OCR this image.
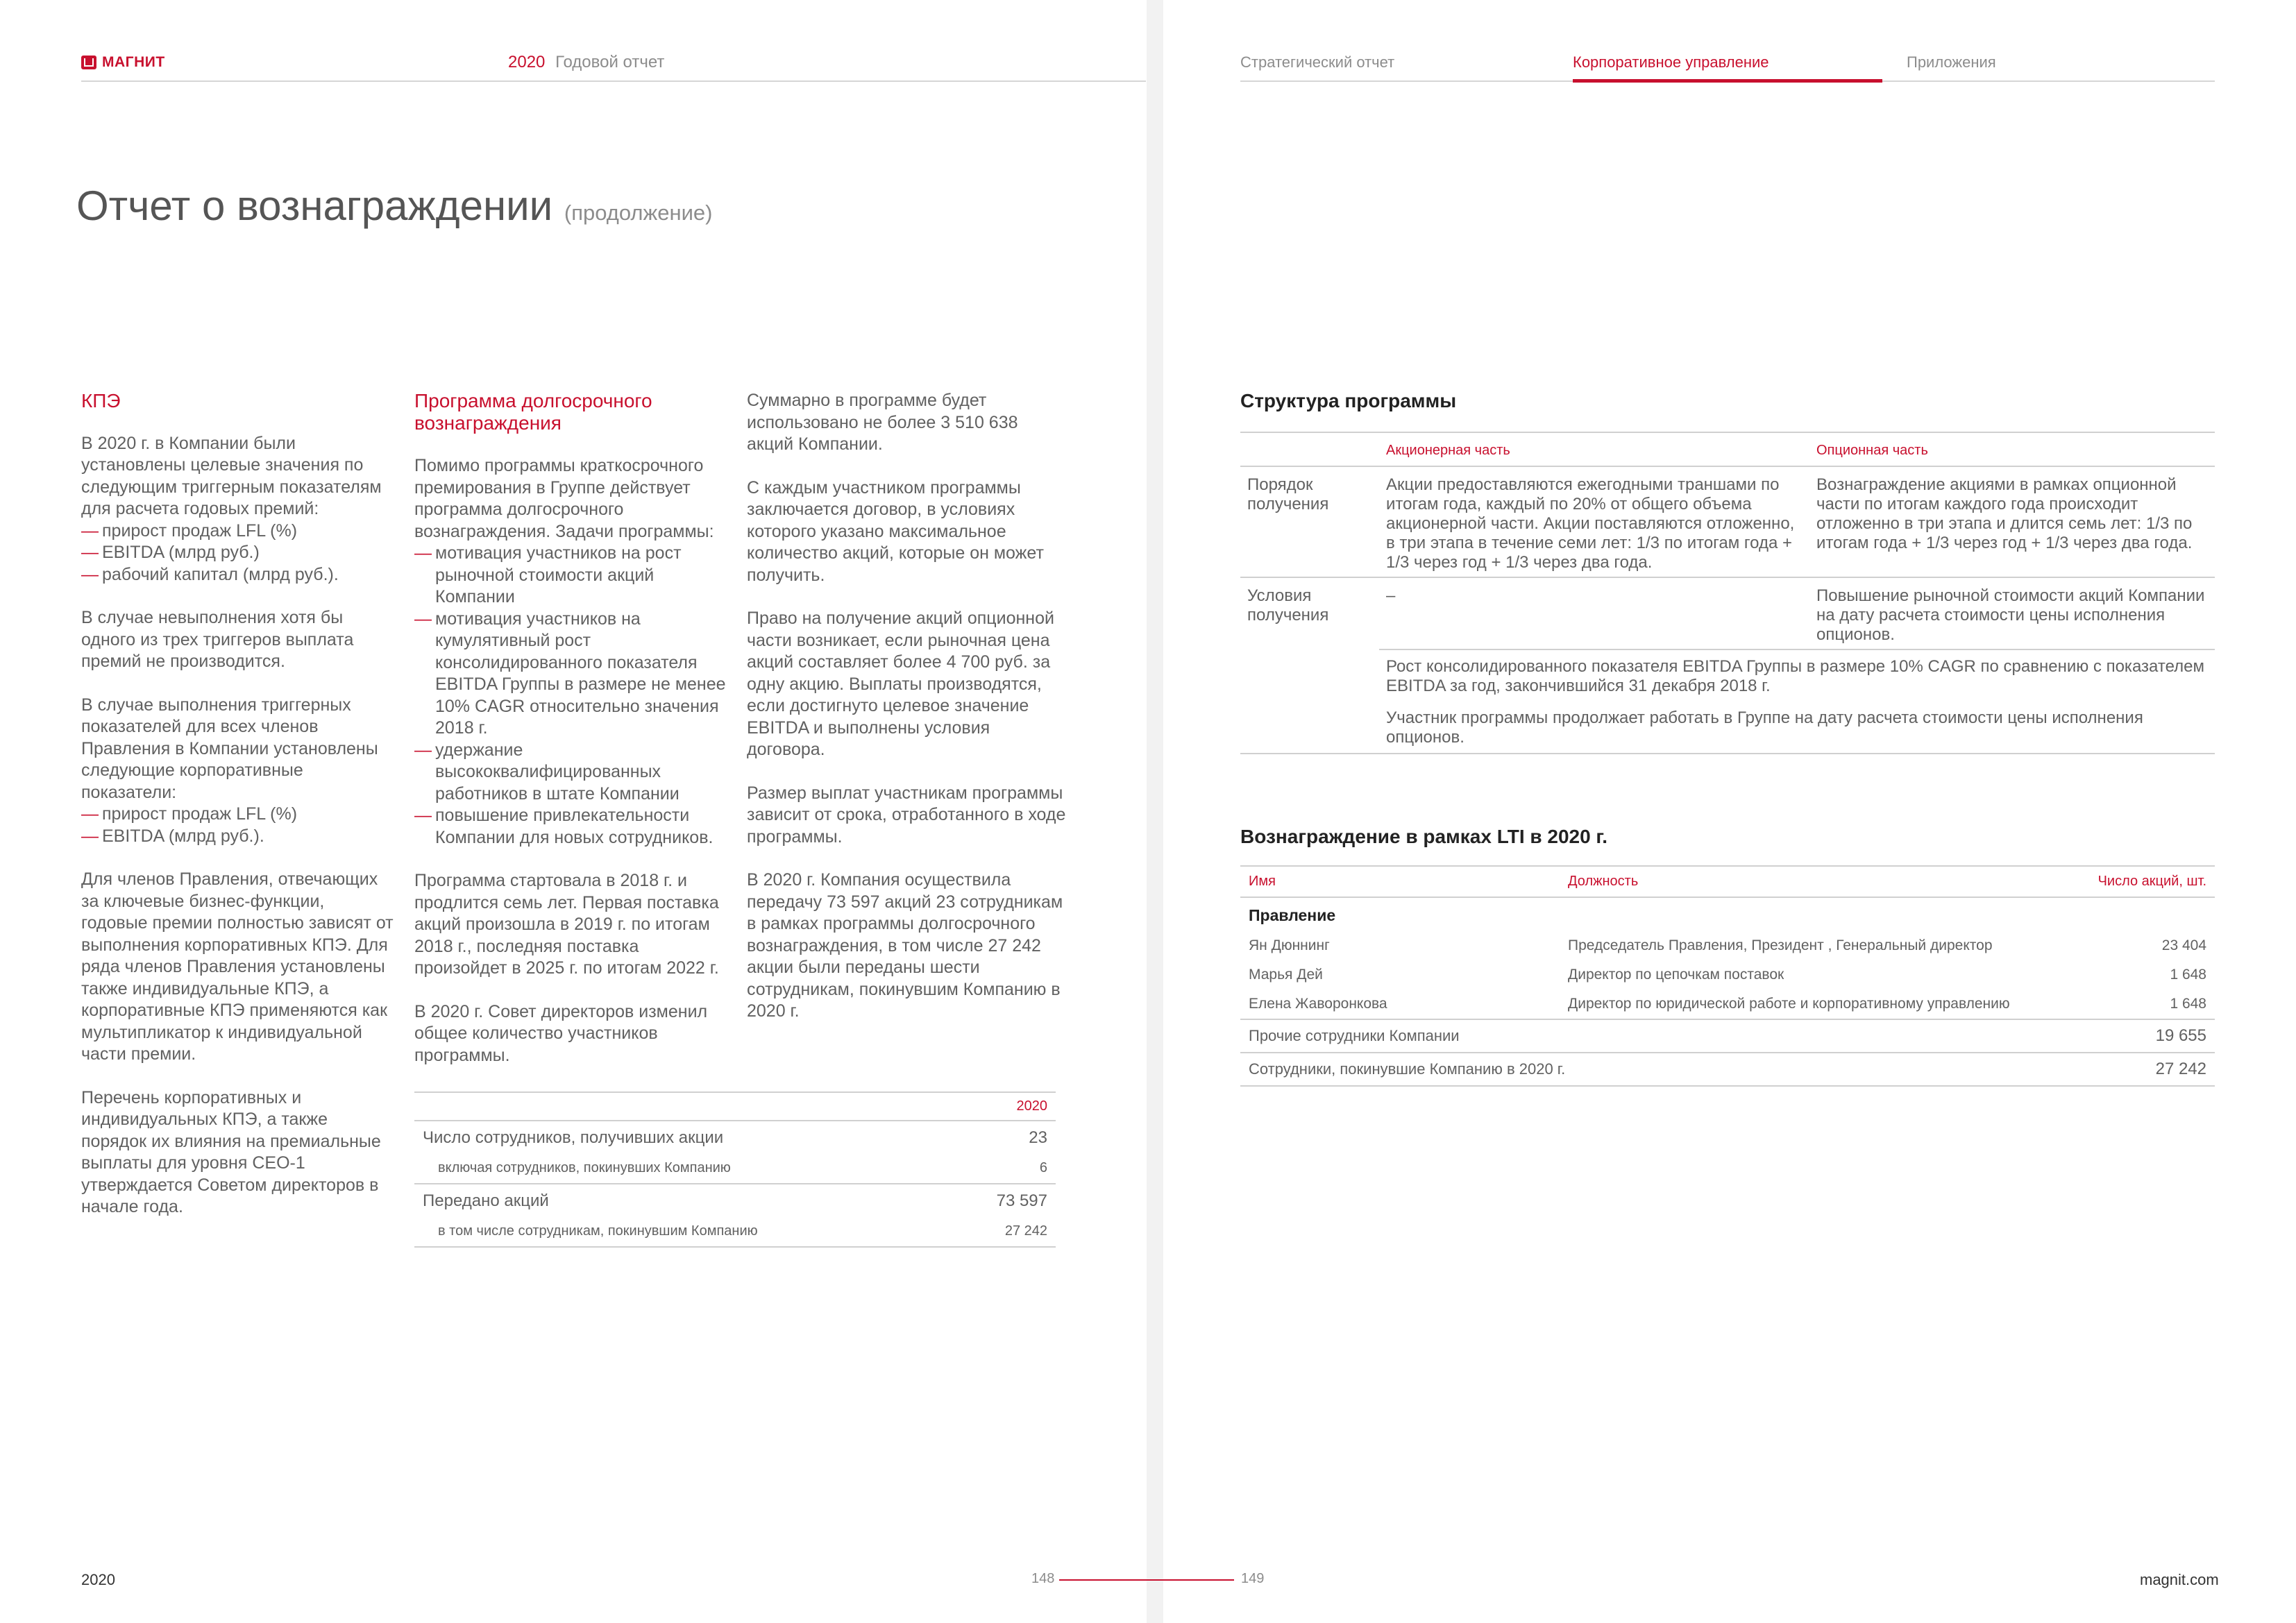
МАГНИТ	2020 Годовой отчет	Стратегический отчет	Корпоративное управление	Приложения
Отчет о вознаграждении (продолжение)
КПЭ

В 2020 г. в Компании были установлены целевые значения по следующим триггерным показателям для расчета годовых премий:

— прирост продаж LFL (%)
— EBITDA (млрд руб.)
— рабочий капитал (млрд руб.).

В случае невыполнения хотя бы одного из трех триггеров выплата премий не производится.

В случае выполнения триггерных показателей для всех членов Правления в Компании установлены следующие корпоративные показатели:

— прирост продаж LFL (%)
— EBITDA (млрд руб.).

Для членов Правления, отвечающих за ключевые бизнес-функции, годовые премии полностью зависят от выполнения корпоративных КПЭ. Для ряда членов Правления установлены также индивидуальные КПЭ, а корпоративные КПЭ применяются как мультипликатор к индивидуальной части премии.

Перечень корпоративных и индивидуальных КПЭ, а также порядок их влияния на премиальные выплаты для уровня CEO-1 утверждается Советом директоров в начале года.

Программа долгосрочного вознаграждения

Помимо программы краткосрочного премирования в Группе действует программа долгосрочного вознаграждения. Задачи программы:

— мотивация участников на рост рыночной стоимости акций Компании
— мотивация участников на кумулятивный рост консолидированного показателя EBITDA Группы в размере не менее 10% CAGR относительно значения 2018 г.
— удержание высококвалифицированных работников в штате Компании
— повышение привлекательности Компании для новых сотрудников.

Программа стартовала в 2018 г. и продлится семь лет. Первая поставка акций произошла в 2019 г. по итогам 2018 г., последняя поставка произойдет в 2025 г. по итогам 2022 г.

В 2020 г. Совет директоров изменил общее количество участников программы.

Суммарно в программе будет использовано не более 3 510 638 акций Компании.

С каждым участником программы заключается договор, в условиях которого указано максимальное количество акций, которые он может получить.

Право на получение акций опционной части возникает, если рыночная цена акций составляет более 4 700 руб. за одну акцию. Выплаты производятся, если достигнуто целевое значение EBITDA и выполнены условия договора.

Размер выплат участникам программы зависит от срока, отработанного в ходе программы.

В 2020 г. Компания осуществила передачу 73 597 акций 23 сотрудникам в рамках программы долгосрочного вознаграждения, в том числе 27 242 акции были переданы шести сотрудникам, покинувшим Компанию в 2020 г.

	2020
Число сотрудников, получивших акции	23
включая сотрудников, покинувших Компанию	6
Передано акций	73 597
в том числе сотрудникам, покинувшим Компанию	27 242
Структура программы
	Акционерная часть	Опционная часть
Порядок получения	Акции предоставляются ежегодными траншами по итогам года, каждый по 20% от общего объема акционерной части. Акции поставляются отложенно, в три этапа в течение семи лет: 1/3 по итогам года + 1/3 через год + 1/3 через два года.	Вознаграждение акциями в рамках опционной части по итогам каждого года происходит отложенно в три этапа и длится семь лет: 1/3 по итогам года + 1/3 через год + 1/3 через два года.
Условия получения	–	Повышение рыночной стоимости акций Компании на дату расчета стоимости цены исполнения опционов.
	Рост консолидированного показателя EBITDA Группы в размере 10% CAGR по сравнению с показателем EBITDA за год, закончившийся 31 декабря 2018 г.	
	Участник программы продолжает работать в Группе на дату расчета стоимости цены исполнения опционов.	
Вознаграждение в рамках LTI в 2020 г.
Имя	Должность	Число акций, шт.
Правление		
Ян Дюннинг	Председатель Правления, Президент , Генеральный директор	23 404
Марья Дей	Директор по цепочкам поставок	1 648
Елена Жаворонкова	Директор по юридической работе и корпоративному управлению	1 648
Прочие сотрудники Компании		19 655
Сотрудники, покинувшие Компанию в 2020 г.		27 242
2020	148	149	magnit.com
